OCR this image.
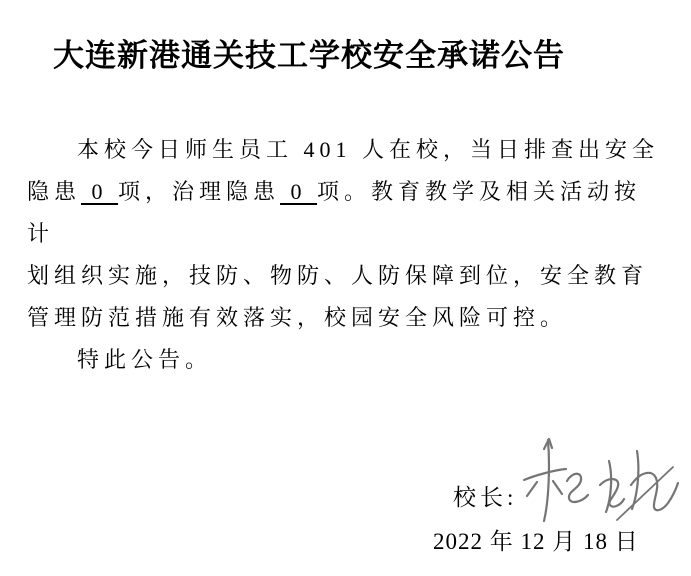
大连新港通关技工学校安全承诺公告
本校今日师生员工 401 人在校，当日排查出安全
隐患 0 项，治理隐患 0 项。教育教学及相关活动按计
划组织实施，技防、物防、人防保障到位，安全教育
管理防范措施有效落实，校园安全风险可控。
特此公告。
校长:
2022 年 12 月 18 日
